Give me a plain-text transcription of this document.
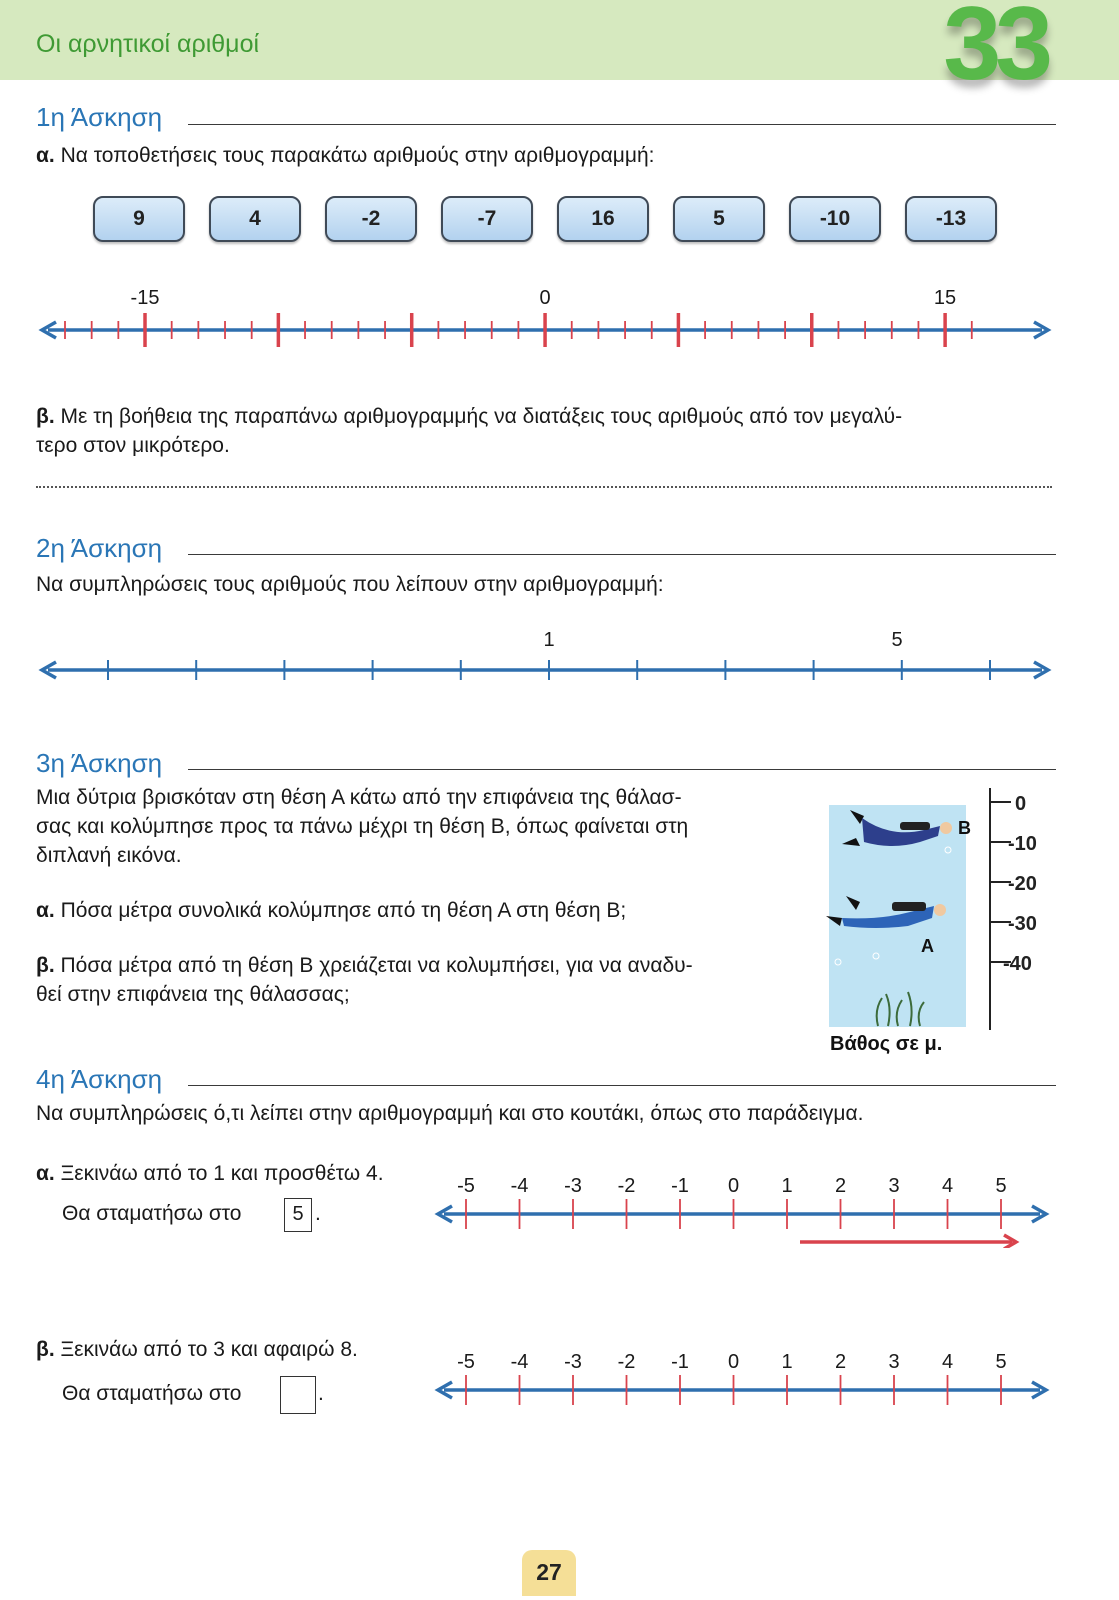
Οι αρνητικοί αριθμοί	33
1η Άσκηση
α. Να τοποθετήσεις τους παρακάτω αριθμούς στην αριθμογραμμή:
9	4	-2	-7	16	5	-10	-13
-15	0	15
β. Με τη βοήθεια της παραπάνω αριθμογραμμής να διατάξεις τους αριθμούς από τον μεγαλύ-
τερο στον μικρότερο.
2η Άσκηση
Να συμπληρώσεις τους αριθμούς που λείπουν στην αριθμογραμμή:
1	5
3η Άσκηση
Μια δύτρια βρισκόταν στη θέση Α κάτω από την επιφάνεια της θάλασ-
σας και κολύμπησε προς τα πάνω μέχρι τη θέση Β, όπως φαίνεται στη
διπλανή εικόνα.
α. Πόσα μέτρα συνολικά κολύμπησε από τη θέση Α στη θέση Β;
β. Πόσα μέτρα από τη θέση Β χρειάζεται να κολυμπήσει, για να αναδυ-
θεί στην επιφάνεια της θάλασσας;
0
-10
-20
-30
-40
B
A
Βάθος σε μ.
4η Άσκηση
Να συμπληρώσεις ό,τι λείπει στην αριθμογραμμή και στο κουτάκι, όπως στο παράδειγμα.
α. Ξεκινάω από το 1 και προσθέτω 4.
Θα σταματήσω στο	5 .
-5 -4 -3 -2 -1 0 1 2 3 4 5
β. Ξεκινάω από το 3 και αφαιρώ 8.
Θα σταματήσω στο	.
-5 -4 -3 -2 -1 0 1 2 3 4 5
27
